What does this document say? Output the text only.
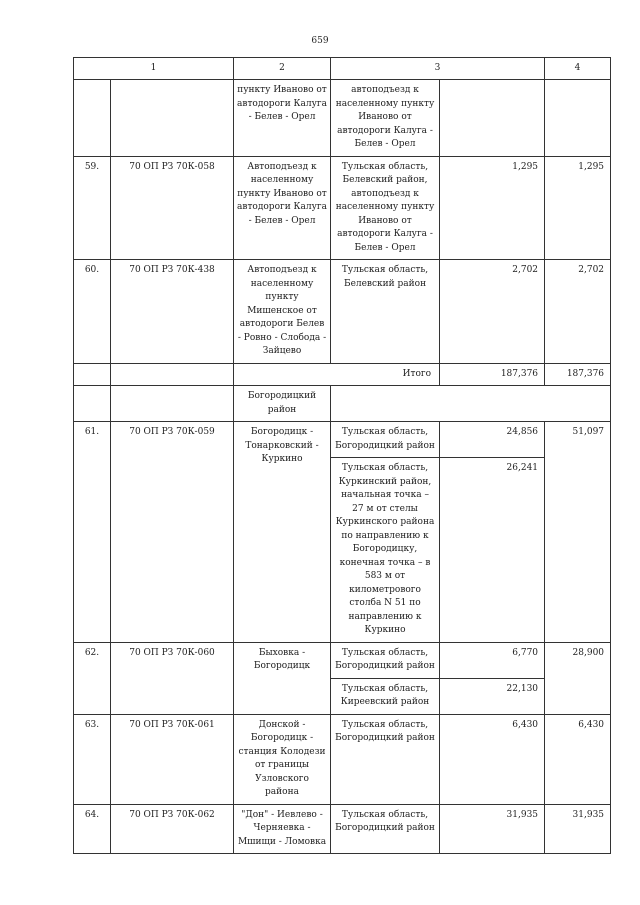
659
1		2	3		4
		пункту Иваново от автодороги Калуга - Белев - Орел	автоподъезд к населенному пункту Иваново от автодороги Калуга - Белев - Орел		
59.	70 ОП РЗ 70К-058	Автоподъезд к населенному пункту Иваново от автодороги Калуга - Белев - Орел	Тульская область, Белевский район, автоподъезд к населенному пункту Иваново от автодороги Калуга - Белев - Орел	1,295	1,295
60.	70 ОП РЗ 70К-438	Автоподъезд к населенному пункту Мишенское от автодороги Белев - Ровно - Слобода - Зайцево	Тульская область, Белевский район	2,702	2,702
		Итого		187,376	187,376
		Богородицкий район			
61.	70 ОП РЗ 70К-059	Богородицк - Тонарковский - Куркино	Тульская область, Богородицкий район	24,856	51,097
			Тульская область, Куркинский район, начальная точка – 27 м от стелы Куркинского района по направлению к Богородицку, конечная точка – в 583 м от километрового столба N 51 по направлению к Куркино	26,241	
62.	70 ОП РЗ 70К-060	Быховка - Богородицк	Тульская область, Богородицкий район	6,770	28,900
			Тульская область, Киреевский район	22,130	
63.	70 ОП РЗ 70К-061	Донской - Богородицк - станция Колодези от границы Узловского района	Тульская область, Богородицкий район	6,430	6,430
64.	70 ОП РЗ 70К-062	"Дон" - Иевлево - Черняевка - Мшищи - Ломовка	Тульская область, Богородицкий район	31,935	31,935
